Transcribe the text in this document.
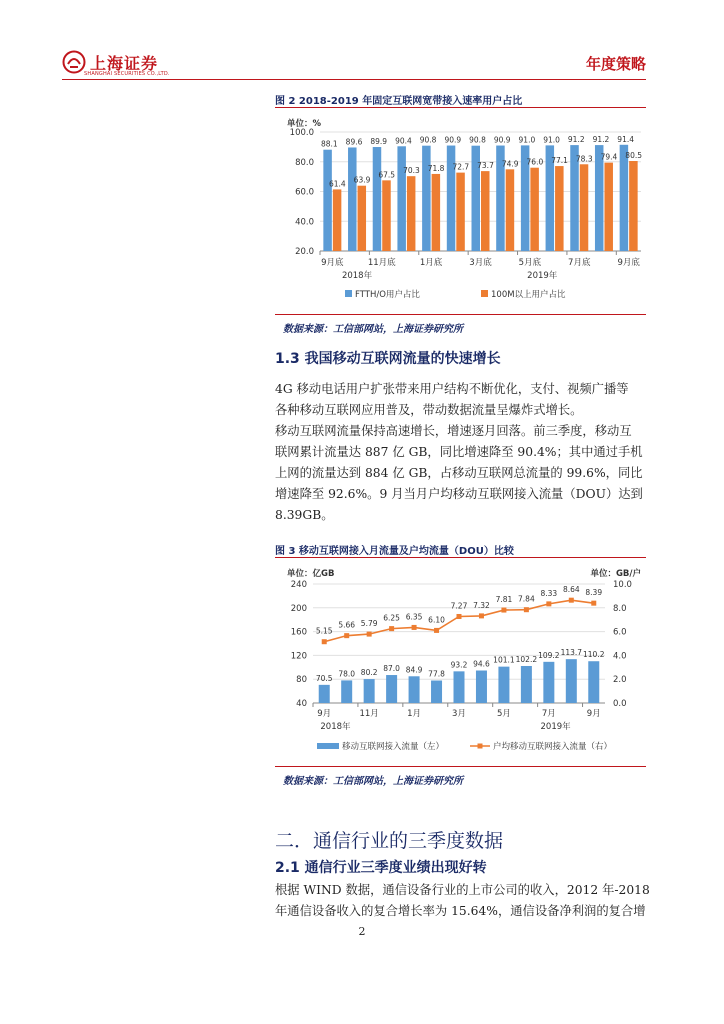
上海证券
SHANGHAI SECURITIES CO.,LTD.
年度策略
图 2 2018-2019 年固定互联网宽带接入速率用户占比
单位：%
20.0
40.0
60.0
80.0
100.0
88.1
61.4
89.6
63.9
89.9
67.5
90.4
70.3
90.8
71.8
90.9
72.7
90.8
73.7
90.9
74.9
91.0
76.0
91.0
77.1
91.2
78.3
91.2
79.4
91.4
80.5
9月底	11月底	1月底	3月底	5月底	7月底	9月底
2018年	2019年
FTTH/O用户占比	100M以上用户占比
数据来源：工信部网站，上海证券研究所
1.3 我国移动互联网流量的快速增长
4G 移动电话用户扩张带来用户结构不断优化，支付、视频广播等
各种移动互联网应用普及，带动数据流量呈爆炸式增长。
移动互联网流量保持高速增长，增速逐月回落。前三季度，移动互
联网累计流量达 887 亿 GB，同比增速降至 90.4%；其中通过手机
上网的流量达到 884 亿 GB，占移动互联网总流量的 99.6%，同比
增速降至 92.6%。9 月当月户均移动互联网接入流量（DOU）达到
8.39GB。
图 3 移动互联网接入月流量及户均流量（DOU）比较
单位：亿GB	单位：GB/户
40
80
120
160
200
240
0.0
2.0
4.0
6.0
8.0
10.0
70.5 78.0 80.2 87.0 84.9 77.8
93.2 94.6 101.1 102.2 109.2 113.7 110.2
5.15
5.66 5.79
6.25 6.35 6.10
7.27 7.32
7.81 7.84
8.33 8.64 8.39
9月	11月	1月	3月	5月	7月	9月
2018年	2019年
移动互联网接入流量（左）	户均移动互联网接入流量（右）
数据来源：工信部网站，上海证券研究所
二．通信行业的三季度数据
2.1 通信行业三季度业绩出现好转
根据 WIND 数据，通信设备行业的上市公司的收入，2012 年-2018
年通信设备收入的复合增长率为 15.64%，通信设备净利润的复合增
2
